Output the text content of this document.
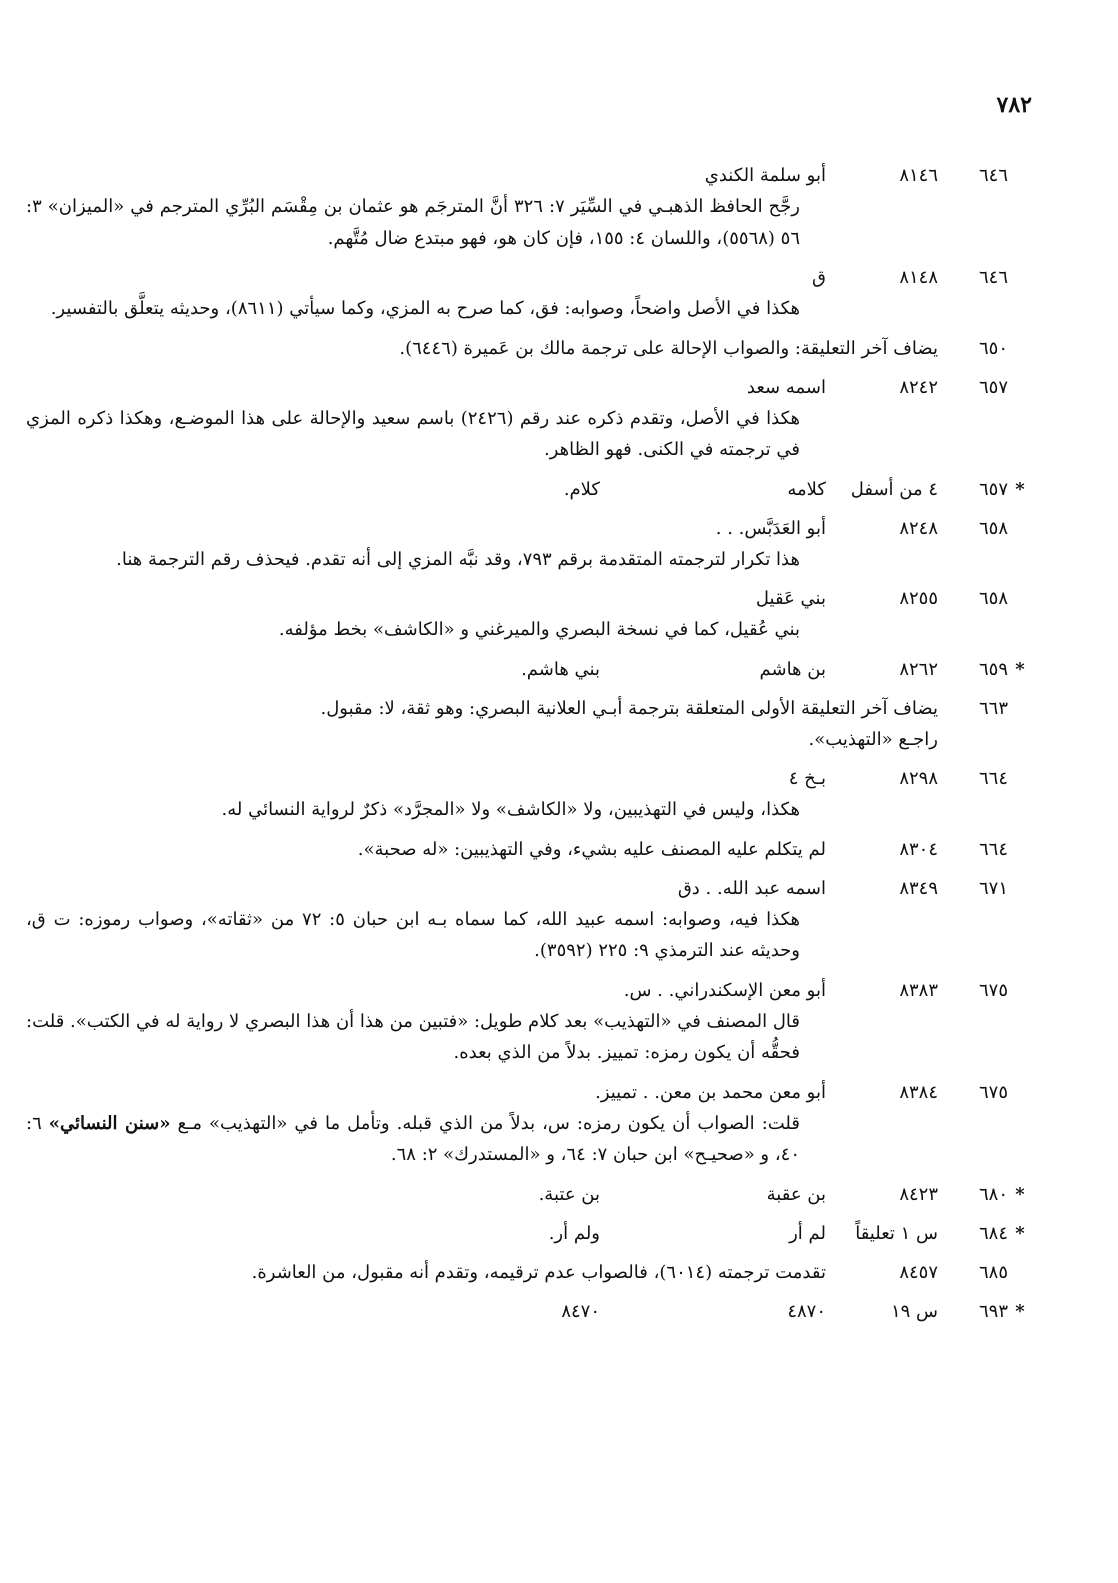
٧٨٢

٦٤٦
٨١٤٦
أبو سلمة الكندي
رجَّح الحافظ الذهبـي في السِّيَر ٧: ٣٢٦ أنَّ المترجَم هو عثمان بن مِقْسَم البُرِّي المترجم في «الميزان» ٣: ٥٦ (٥٥٦٨)، واللسان ٤: ١٥٥، فإن كان هو، فهو مبتدع ضال مُتَّهم.
٦٤٦
٨١٤٨
ق
هكذا في الأصل واضحاً، وصوابه: فق، كما صرح به المزي، وكما سيأتي (٨٦١١)، وحديثه يتعلَّق بالتفسير.
٦٥٠
يضاف آخر التعليقة: والصواب الإحالة على ترجمة مالك بن عَميرة (٦٤٤٦).
٦٥٧
٨٢٤٢
اسمه سعد
هكذا في الأصل، وتقدم ذكره عند رقم (٢٤٢٦) باسم سعيد والإحالة على هذا الموضـع، وهكذا ذكره المزي في ترجمته في الكنى. فهو الظاهر.
*
٦٥٧
٤ من أسفل
كلامه
كلام.
٦٥٨
٨٢٤٨
أبو العَدَبَّس. . .
هذا تكرار لترجمته المتقدمة برقم ٧٩٣، وقد نبَّه المزي إلى أنه تقدم. فيحذف رقم الترجمة هنا.
٦٥٨
٨٢٥٥
بني عَقيل
بني عُقيل، كما في نسخة البصري والميرغني و «الكاشف» بخط مؤلفه.
*
٦٥٩
٨٢٦٢
بن هاشم
بني هاشم.
٦٦٣
يضاف آخر التعليقة الأولى المتعلقة بترجمة أبـي العلانية البصري: وهو ثقة، لا: مقبول.
راجـع «التهذيب».
٦٦٤
٨٢٩٨
بـخ ٤
هكذا، وليس في التهذيبين، ولا «الكاشف» ولا «المجرَّد» ذكرٌ لرواية النسائي له.
٦٦٤
٨٣٠٤
لم يتكلم عليه المصنف عليه بشيء، وفي التهذيبين: «له صحبة».
٦٧١
٨٣٤٩
اسمه عبد الله. . دق
هكذا فيه، وصوابه: اسمه عبيد الله، كما سماه بـه ابن حبان ٥: ٧٢ من «ثقاته»، وصواب رموزه: ت ق، وحديثه عند الترمذي ٩: ٢٢٥ (٣٥٩٢).
٦٧٥
٨٣٨٣
أبو معن الإسكندراني. . س.
قال المصنف في «التهذيب» بعد كلام طويل: «فتبين من هذا أن هذا البصري لا رواية له في الكتب». قلت: فحقُّه أن يكون رمزه: تمييز. بدلاً من الذي بعده.
٦٧٥
٨٣٨٤
أبو معن محمد بن معن. . تمييز.
قلت: الصواب أن يكون رمزه: س، بدلاً من الذي قبله. وتأمل ما في «التهذيب» مـع «سنن النسائي» ٦: ٤٠، و «صحيـح» ابن حبان ٧: ٦٤، و «المستدرك» ٢: ٦٨.
*
٦٨٠
٨٤٢٣
بن عقبة
بن عتبة.
*
٦٨٤
س ١ تعليقاً
لم أر
ولم أر.
٦٨٥
٨٤٥٧
تقدمت ترجمته (٦٠١٤)، فالصواب عدم ترقيمه، وتقدم أنه مقبول، من العاشرة.
*
٦٩٣
س ١٩
٤٨٧٠
٨٤٧٠
